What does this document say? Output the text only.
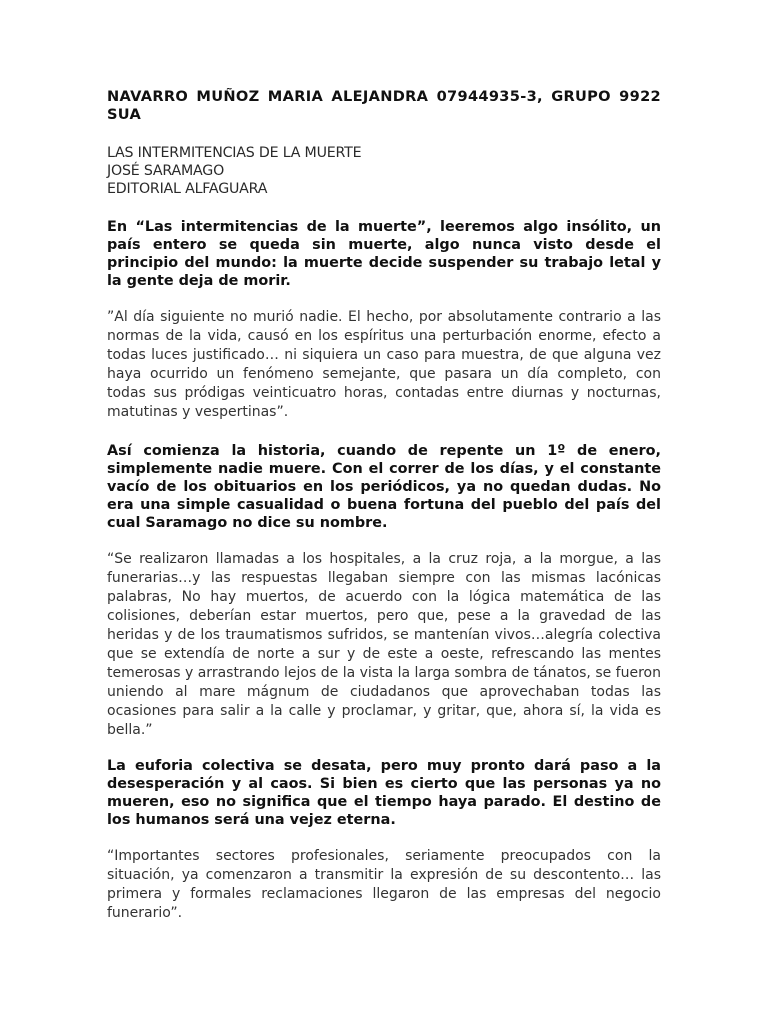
NAVARRO MUÑOZ MARIA ALEJANDRA 07944935-3, GRUPO 9922 SUA

LAS INTERMITENCIAS DE LA MUERTE
JOSÉ SARAMAGO
EDITORIAL ALFAGUARA

En “Las intermitencias de la muerte”, leeremos algo insólito, un país entero se queda sin muerte, algo nunca visto desde el principio del mundo: la muerte decide suspender su trabajo letal y la gente deja de morir.

”Al día siguiente no murió nadie. El hecho, por absolutamente contrario a las normas de la vida, causó en los espíritus una perturbación enorme, efecto a todas luces justificado… ni siquiera un caso para muestra, de que alguna vez haya ocurrido un fenómeno semejante, que pasara un día completo, con todas sus pródigas veinticuatro horas, contadas entre diurnas y nocturnas, matutinas y vespertinas”.

Así comienza la historia, cuando de repente un 1º de enero, simplemente nadie muere. Con el correr de los días, y el constante vacío de los obituarios en los periódicos, ya no quedan dudas. No era una simple casualidad o buena fortuna del pueblo del país del cual Saramago no dice su nombre.

“Se realizaron llamadas a los hospitales, a la cruz roja, a la morgue, a las funerarias…y las respuestas llegaban siempre con las mismas lacónicas palabras, No hay muertos, de acuerdo con la lógica matemática de las colisiones, deberían estar muertos, pero que, pese a la gravedad de las heridas y de los traumatismos sufridos, se mantenían vivos…alegría colectiva que se extendía de norte a sur y de este a oeste, refrescando las mentes temerosas y arrastrando lejos de la vista la larga sombra de tánatos, se fueron uniendo al mare mágnum de ciudadanos que aprovechaban todas las ocasiones para salir a la calle y proclamar, y gritar, que, ahora sí, la vida es bella.”

La euforia colectiva se desata, pero muy pronto dará paso a la desesperación y al caos. Si bien es cierto que las personas ya no mueren, eso no significa que el tiempo haya parado. El destino de los humanos será una vejez eterna.

“Importantes sectores profesionales, seriamente preocupados con la situación, ya comenzaron a transmitir la expresión de su descontento… las primera y formales reclamaciones llegaron de las empresas del negocio funerario”.
